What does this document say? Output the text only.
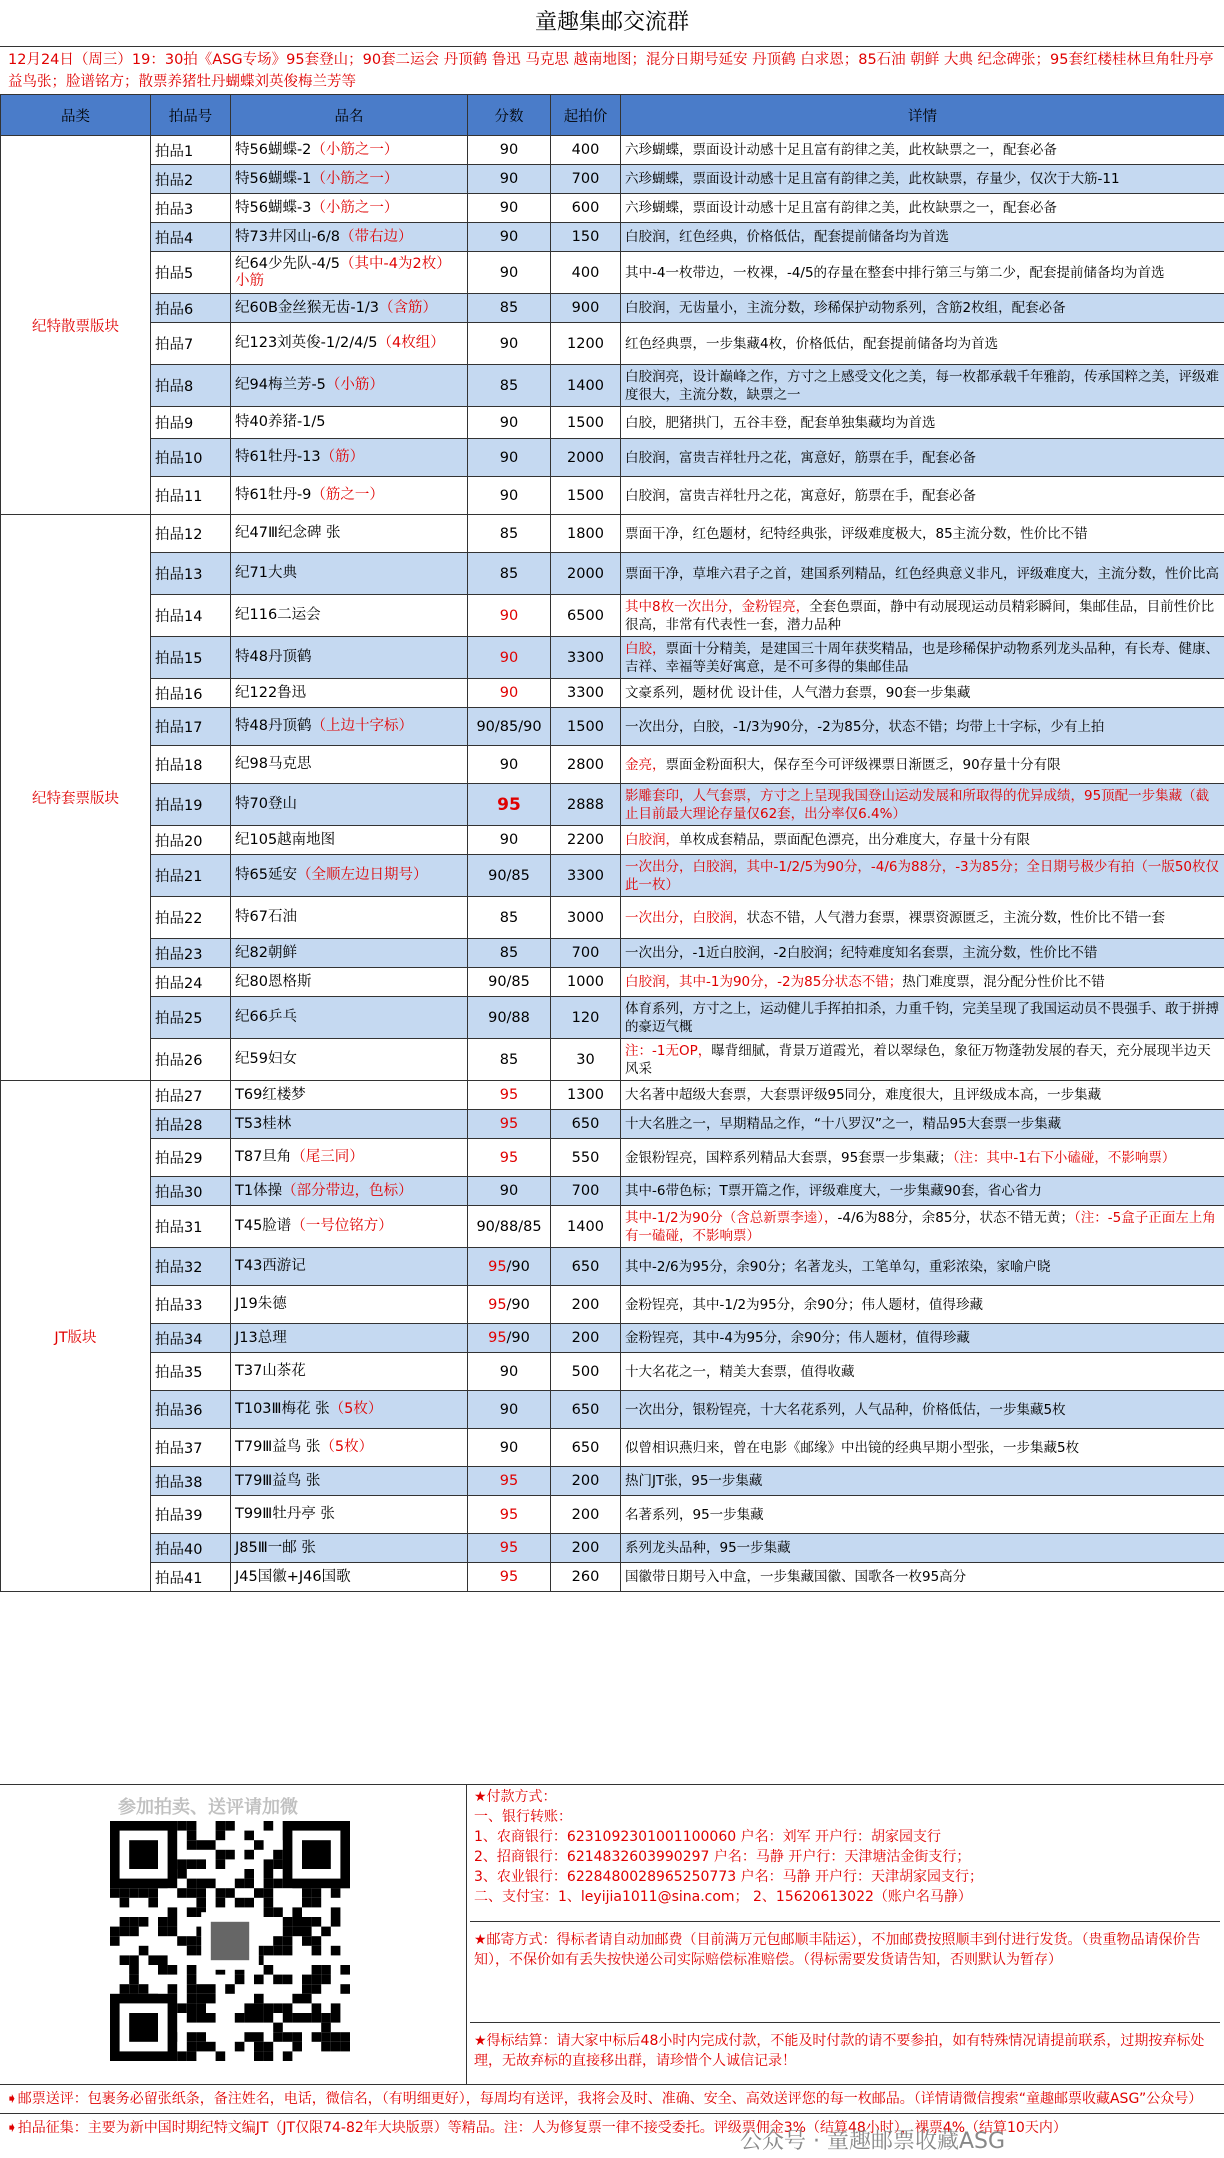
童趣集邮交流群
12月24日（周三）19：30拍《ASG专场》95套登山；90套二运会 丹顶鹤 鲁迅 马克思 越南地图；混分日期号延安 丹顶鹤 白求恩；85石油 朝鲜 大典 纪念碑张；95套红楼桂林旦角牡丹亭益鸟张；脸谱铭方；散票养猪牡丹蝴蝶刘英俊梅兰芳等
品类	拍品号	品名	分数	起拍价	详情
纪特散票版块	拍品1	特56蝴蝶-2（小筋之一）	90	400	六珍蝴蝶，票面设计动感十足且富有韵律之美，此枚缺票之一，配套必备
	拍品2	特56蝴蝶-1（小筋之一）	90	700	六珍蝴蝶，票面设计动感十足且富有韵律之美，此枚缺票，存量少，仅次于大筋-11
	拍品3	特56蝴蝶-3（小筋之一）	90	600	六珍蝴蝶，票面设计动感十足且富有韵律之美，此枚缺票之一，配套必备
	拍品4	特73井冈山-6/8（带右边）	90	150	白胶润，红色经典，价格低估，配套提前储备均为首选
	拍品5	纪64少先队-4/5（其中-4为2枚）小筋	90	400	其中-4一枚带边，一枚裸，-4/5的存量在整套中排行第三与第二少，配套提前储备均为首选
	拍品6	纪60B金丝猴无齿-1/3（含筋）	85	900	白胶润，无齿量小，主流分数，珍稀保护动物系列，含筋2枚组，配套必备
	拍品7	纪123刘英俊-1/2/4/5（4枚组）	90	1200	红色经典票，一步集藏4枚，价格低估，配套提前储备均为首选
	拍品8	纪94梅兰芳-5（小筋）	85	1400	白胶润亮，设计巅峰之作，方寸之上感受文化之美，每一枚都承载千年雅韵，传承国粹之美，评级难度很大，主流分数，缺票之一
	拍品9	特40养猪-1/5	90	1500	白胶，肥猪拱门，五谷丰登，配套单独集藏均为首选
	拍品10	特61牡丹-13（筋）	90	2000	白胶润，富贵吉祥牡丹之花，寓意好，筋票在手，配套必备
	拍品11	特61牡丹-9（筋之一）	90	1500	白胶润，富贵吉祥牡丹之花，寓意好，筋票在手，配套必备
纪特套票版块	拍品12	纪47Ⅲ纪念碑 张	85	1800	票面干净，红色题材，纪特经典张，评级难度极大，85主流分数，性价比不错
	拍品13	纪71大典	85	2000	票面干净，草堆六君子之首，建国系列精品，红色经典意义非凡，评级难度大，主流分数，性价比高
	拍品14	纪116二运会	90	6500	其中8枚一次出分，金粉锃亮，全套色票面，静中有动展现运动员精彩瞬间，集邮佳品，目前性价比很高，非常有代表性一套，潜力品种
	拍品15	特48丹顶鹤	90	3300	白胶，票面十分精美，是建国三十周年获奖精品，也是珍稀保护动物系列龙头品种，有长寿、健康、吉祥、幸福等美好寓意，是不可多得的集邮佳品
	拍品16	纪122鲁迅	90	3300	文豪系列，题材优 设计佳，人气潜力套票，90套一步集藏
	拍品17	特48丹顶鹤（上边十字标）	90/85/90	1500	一次出分，白胶，-1/3为90分，-2为85分，状态不错；均带上十字标，少有上拍
	拍品18	纪98马克思	90	2800	金亮，票面金粉面积大，保存至今可评级裸票日渐匮乏，90存量十分有限
	拍品19	特70登山	95	2888	影雕套印，人气套票，方寸之上呈现我国登山运动发展和所取得的优异成绩，95顶配一步集藏（截止目前最大理论存量仅62套，出分率仅6.4%）
	拍品20	纪105越南地图	90	2200	白胶润，单枚成套精品，票面配色漂亮，出分难度大，存量十分有限
	拍品21	特65延安（全顺左边日期号）	90/85	3300	一次出分，白胶润，其中-1/2/5为90分，-4/6为88分，-3为85分；全日期号极少有拍（一版50枚仅此一枚）
	拍品22	特67石油	85	3000	一次出分，白胶润，状态不错，人气潜力套票，裸票资源匮乏，主流分数，性价比不错一套
	拍品23	纪82朝鲜	85	700	一次出分，-1近白胶润，-2白胶润；纪特难度知名套票，主流分数，性价比不错
	拍品24	纪80恩格斯	90/85	1000	白胶润，其中-1为90分，-2为85分状态不错；热门难度票，混分配分性价比不错
	拍品25	纪66乒乓	90/88	120	体育系列，方寸之上，运动健儿手挥拍扣杀，力重千钧，完美呈现了我国运动员不畏强手、敢于拼搏的豪迈气概
	拍品26	纪59妇女	85	30	注：-1无OP，曝背细腻，背景万道霞光，着以翠绿色，象征万物蓬勃发展的春天，充分展现半边天风采
JT版块	拍品27	T69红楼梦	95	1300	大名著中超级大套票，大套票评级95同分，难度很大，且评级成本高，一步集藏
	拍品28	T53桂林	95	650	十大名胜之一，早期精品之作，“十八罗汉”之一，精品95大套票一步集藏
	拍品29	T87旦角（尾三同）	95	550	金银粉锃亮，国粹系列精品大套票，95套票一步集藏；（注：其中-1右下小磕碰，不影响票）
	拍品30	T1体操（部分带边，色标）	90	700	其中-6带色标；T票开篇之作，评级难度大，一步集藏90套，省心省力
	拍品31	T45脸谱（一号位铭方）	90/88/85	1400	其中-1/2为90分（含总新票李逵），-4/6为88分，余85分，状态不错无黄；（注：-5盒子正面左上角有一磕碰，不影响票）
	拍品32	T43西游记	95/90	650	其中-2/6为95分，余90分；名著龙头，工笔单勾，重彩浓染，家喻户晓
	拍品33	J19朱德	95/90	200	金粉锃亮，其中-1/2为95分，余90分；伟人题材，值得珍藏
	拍品34	J13总理	95/90	200	金粉锃亮，其中-4为95分，余90分；伟人题材，值得珍藏
	拍品35	T37山茶花	90	500	十大名花之一，精美大套票，值得收藏
	拍品36	T103Ⅲ梅花 张（5枚）	90	650	一次出分，银粉锃亮，十大名花系列，人气品种，价格低估，一步集藏5枚
	拍品37	T79Ⅲ益鸟 张（5枚）	90	650	似曾相识燕归来，曾在电影《邮缘》中出镜的经典早期小型张，一步集藏5枚
	拍品38	T79Ⅲ益鸟 张	95	200	热门JT张，95一步集藏
	拍品39	T99Ⅲ牡丹亭 张	95	200	名著系列，95一步集藏
	拍品40	J85Ⅲ一邮 张	95	200	系列龙头品种，95一步集藏
	拍品41	J45国徽+J46国歌	95	260	国徽带日期号入中盒，一步集藏国徽、国歌各一枚95高分
参加拍卖、送评请加微	★付款方式：
一、银行转账：
1、农商银行：6231092301001100060 户名：刘军 开户行：胡家园支行
2、招商银行：6214832603990297 户名：马静 开户行：天津塘沽金街支行；
3、农业银行：6228480028965250773 户名：马静 开户行：天津胡家园支行；
二、支付宝：1、leyijia1011@sina.com； 2、15620613022（账户名马静）
★邮寄方式：得标者请自动加邮费（目前满万元包邮顺丰陆运），不加邮费按照顺丰到付进行发货。（贵重物品请保价告知），不保价如有丢失按快递公司实际赔偿标准赔偿。（得标需要发货请告知，否则默认为暂存）
★得标结算：请大家中标后48小时内完成付款，不能及时付款的请不要参拍，如有特殊情况请提前联系，过期按弃标处理，无故弃标的直接移出群，请珍惜个人诚信记录！
➧邮票送评：包裹务必留张纸条，备注姓名，电话，微信名，（有明细更好），每周均有送评，我将会及时、准确、安全、高效送评您的每一枚邮品。（详情请微信搜索“童趣邮票收藏ASG”公众号）
➧拍品征集：主要为新中国时期纪特文编JT（JT仅限74-82年大块版票）等精品。注：人为修复票一律不接受委托。评级票佣金3%（结算48小时），裸票4%（结算10天内）
公众号 · 童趣邮票收藏ASG
